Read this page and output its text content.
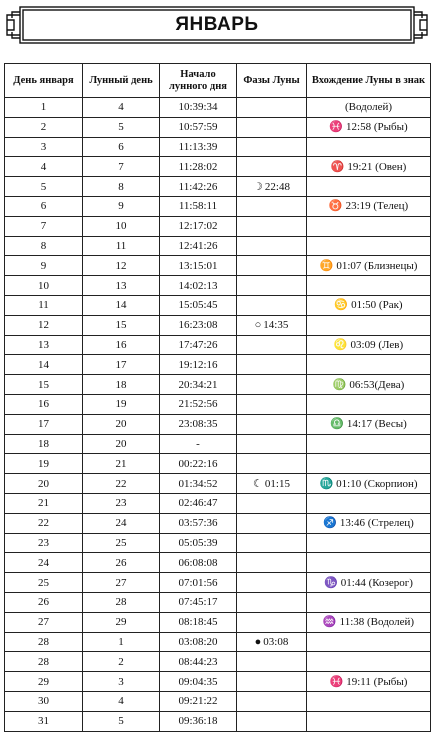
ЯНВАРЬ
День января	Лунный день	Начало лунного дня	Фазы Луны	Вхождение Луны в знак
1	4	10:39:34		(Водолей)
2	5	10:57:59		♓ 12:58 (Рыбы)
3	6	11:13:39		
4	7	11:28:02		♈ 19:21 (Овен)
5	8	11:42:26	☽ 22:48	
6	9	11:58:11		♉ 23:19 (Телец)
7	10	12:17:02		
8	11	12:41:26		
9	12	13:15:01		♊ 01:07 (Близнецы)
10	13	14:02:13		
11	14	15:05:45		♋ 01:50 (Рак)
12	15	16:23:08	○ 14:35	
13	16	17:47:26		♌ 03:09 (Лев)
14	17	19:12:16		
15	18	20:34:21		♍ 06:53(Дева)
16	19	21:52:56		
17	20	23:08:35		♎ 14:17 (Весы)
18	20	-		
19	21	00:22:16		
20	22	01:34:52	☾ 01:15	♏ 01:10 (Скорпион)
21	23	02:46:47		
22	24	03:57:36		♐ 13:46 (Стрелец)
23	25	05:05:39		
24	26	06:08:08		
25	27	07:01:56		♑ 01:44 (Козерог)
26	28	07:45:17		
27	29	08:18:45		♒ 11:38 (Водолей)
28	1	03:08:20	● 03:08	
28	2	08:44:23		
29	3	09:04:35		♓ 19:11 (Рыбы)
30	4	09:21:22		
31	5	09:36:18		
